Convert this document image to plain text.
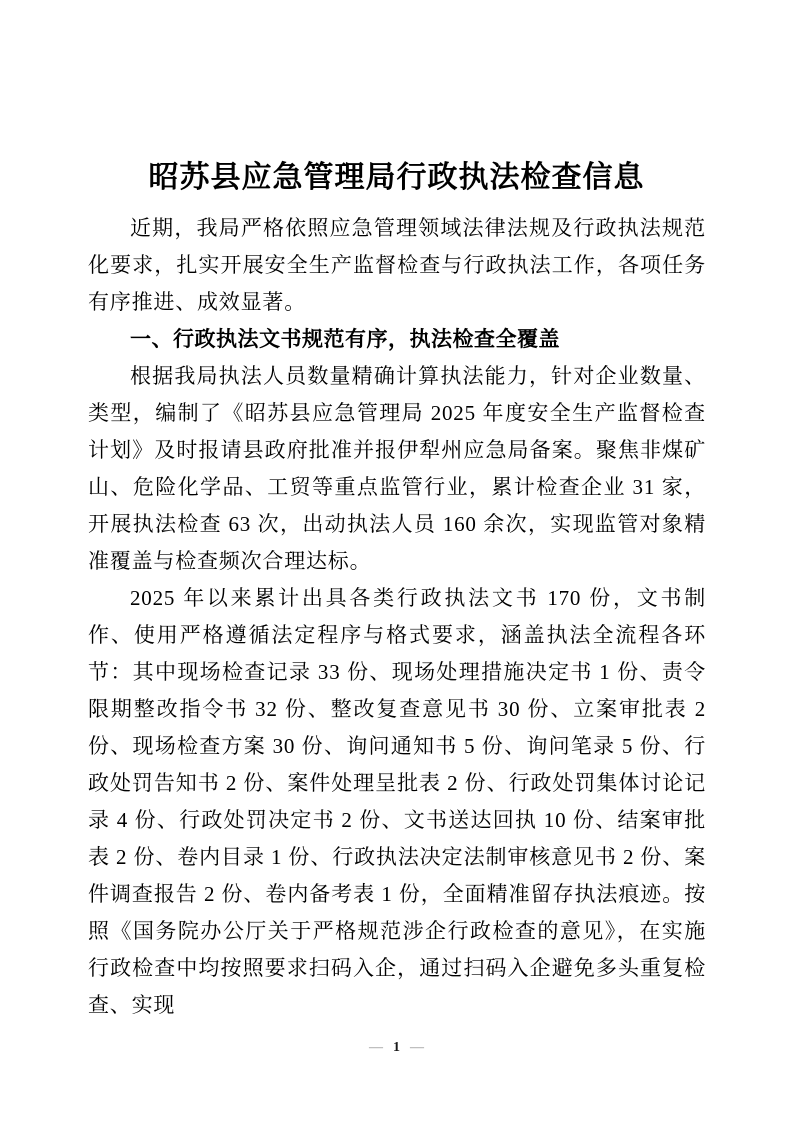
昭苏县应急管理局行政执法检查信息

近期，我局严格依照应急管理领域法律法规及行政执法规范化要求，扎实开展安全生产监督检查与行政执法工作，各项任务有序推进、成效显著。

一、行政执法文书规范有序，执法检查全覆盖

根据我局执法人员数量精确计算执法能力，针对企业数量、类型，编制了《昭苏县应急管理局 2025 年度安全生产监督检查计划》及时报请县政府批准并报伊犁州应急局备案。聚焦非煤矿山、危险化学品、工贸等重点监管行业，累计检查企业 31 家，开展执法检查 63 次，出动执法人员 160 余次，实现监管对象精准覆盖与检查频次合理达标。

2025 年以来累计出具各类行政执法文书 170 份，文书制作、使用严格遵循法定程序与格式要求，涵盖执法全流程各环节：其中现场检查记录 33 份、现场处理措施决定书 1 份、责令限期整改指令书 32 份、整改复查意见书 30 份、立案审批表 2 份、现场检查方案 30 份、询问通知书 5 份、询问笔录 5 份、行政处罚告知书 2 份、案件处理呈批表 2 份、行政处罚集体讨论记录 4 份、行政处罚决定书 2 份、文书送达回执 10 份、结案审批表 2 份、卷内目录 1 份、行政执法决定法制审核意见书 2 份、案件调查报告 2 份、卷内备考表 1 份，全面精准留存执法痕迹。按照《国务院办公厅关于严格规范涉企行政检查的意见》，在实施行政检查中均按照要求扫码入企，通过扫码入企避免多头重复检查、实现

— 1 —
